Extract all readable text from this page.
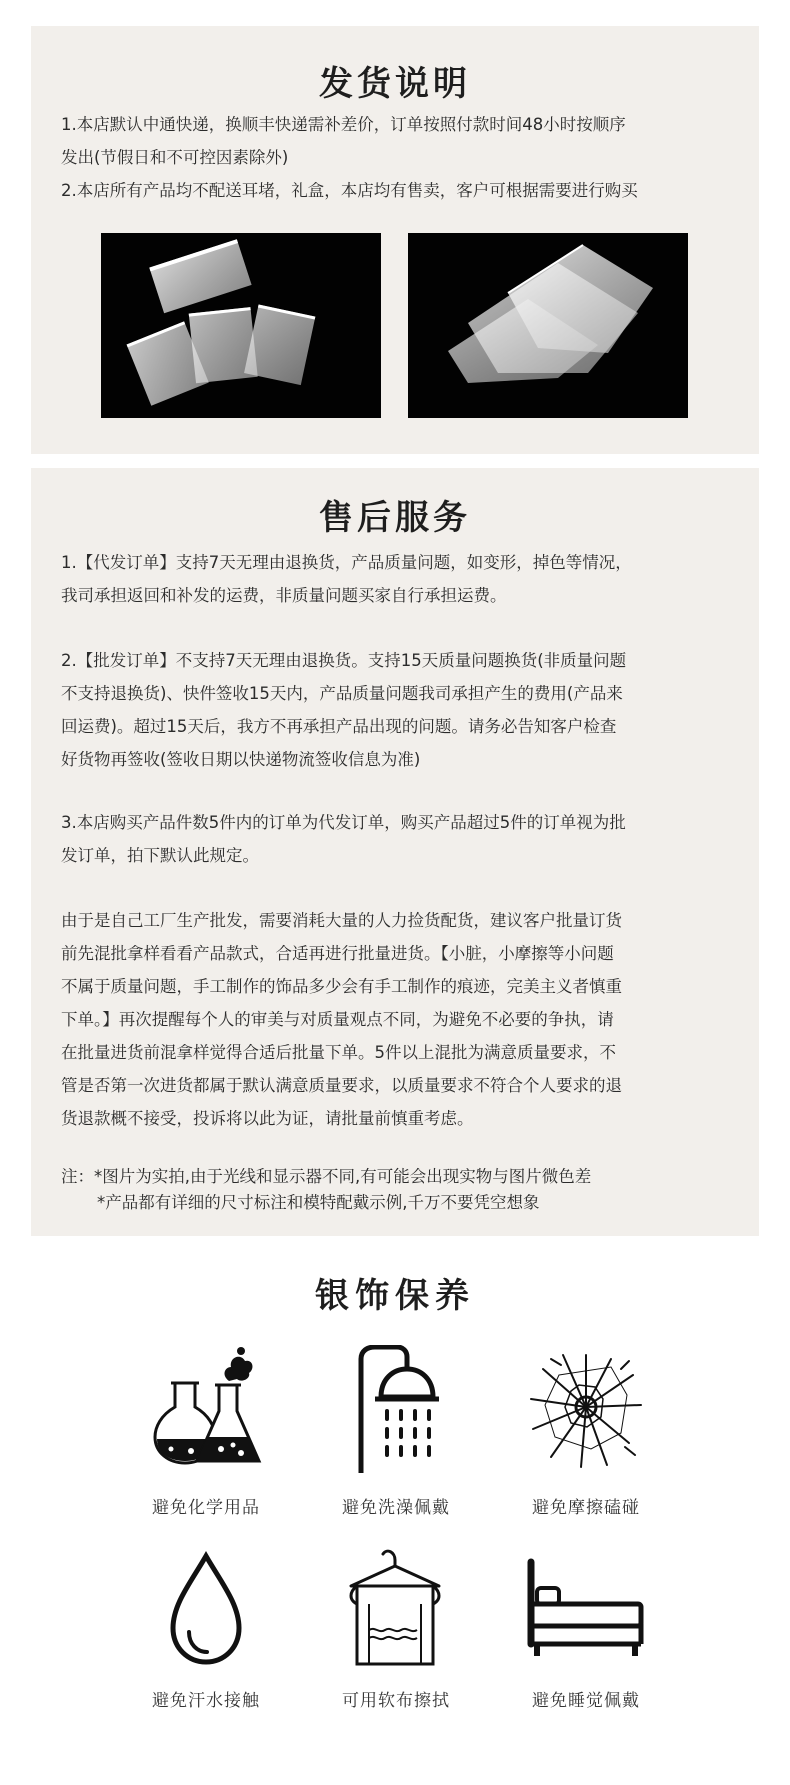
发货说明

1.本店默认中通快递，换顺丰快递需补差价，订单按照付款时间48小时按顺序

发出(节假日和不可控因素除外)

2.本店所有产品均不配送耳堵，礼盒，本店均有售卖，客户可根据需要进行购买

售后服务

1.【代发订单】支持7天无理由退换货，产品质量问题，如变形，掉色等情况，

我司承担返回和补发的运费，非质量问题买家自行承担运费。

2.【批发订单】不支持7天无理由退换货。支持15天质量问题换货(非质量问题

不支持退换货)、快件签收15天内，产品质量问题我司承担产生的费用(产品来

回运费)。超过15天后，我方不再承担产品出现的问题。请务必告知客户检查

好货物再签收(签收日期以快递物流签收信息为准)

3.本店购买产品件数5件内的订单为代发订单，购买产品超过5件的订单视为批

发订单，拍下默认此规定。

由于是自己工厂生产批发，需要消耗大量的人力捡货配货，建议客户批量订货

前先混批拿样看看产品款式，合适再进行批量进货。【小脏，小摩擦等小问题

不属于质量问题，手工制作的饰品多少会有手工制作的痕迹，完美主义者慎重

下单。】再次提醒每个人的审美与对质量观点不同，为避免不必要的争执，请

在批量进货前混拿样觉得合适后批量下单。5件以上混批为满意质量要求，不

管是否第一次进货都属于默认满意质量要求，以质量要求不符合个人要求的退

货退款概不接受，投诉将以此为证，请批量前慎重考虑。

注：*图片为实拍,由于光线和显示器不同,有可能会出现实物与图片微色差
*产品都有详细的尺寸标注和模特配戴示例,千万不要凭空想象
银饰保养
避免化学用品	避免洗澡佩戴	避免摩擦磕碰
避免汗水接触	可用软布擦拭	避免睡觉佩戴
